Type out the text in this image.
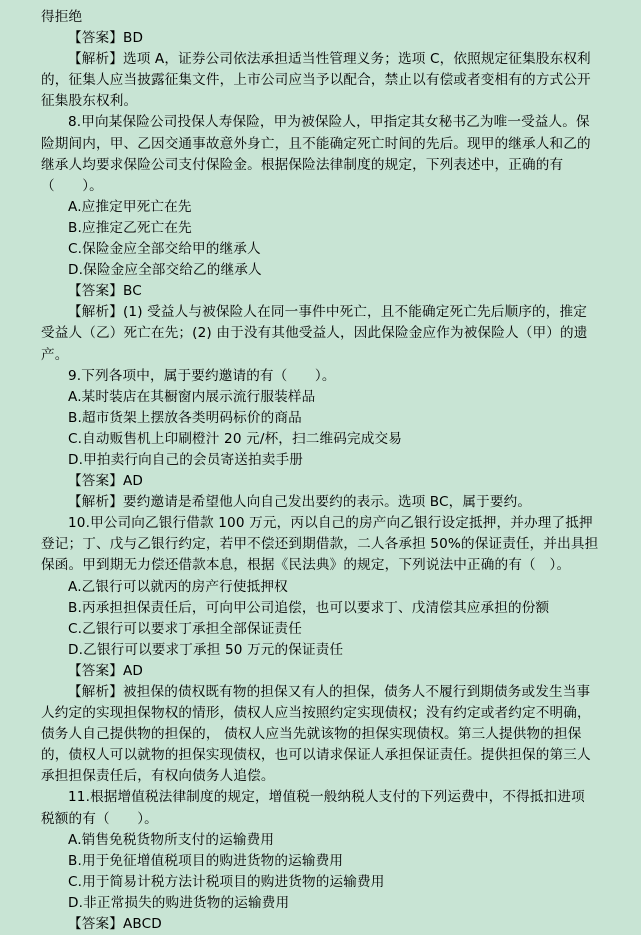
得拒绝
【答案】BD
【解析】选项 A，证券公司依法承担适当性管理义务；选项 C，依照规定征集股东权利
的，征集人应当披露征集文件，上市公司应当予以配合，禁止以有偿或者变相有的方式公开
征集股东权利。
8.甲向某保险公司投保人寿保险，甲为被保险人，甲指定其女秘书乙为唯一受益人。保
险期间内，甲、乙因交通事故意外身亡，且不能确定死亡时间的先后。现甲的继承人和乙的
继承人均要求保险公司支付保险金。根据保险法律制度的规定，下列表述中，正确的有
（　　）。
A.应推定甲死亡在先
B.应推定乙死亡在先
C.保险金应全部交给甲的继承人
D.保险金应全部交给乙的继承人
【答案】BC
【解析】(1) 受益人与被保险人在同一事件中死亡，且不能确定死亡先后顺序的，推定
受益人（乙）死亡在先；(2) 由于没有其他受益人，因此保险金应作为被保险人（甲）的遗
产。
9.下列各项中，属于要约邀请的有（　　）。
A.某时装店在其橱窗内展示流行服装样品
B.超市货架上摆放各类明码标价的商品
C.自动贩售机上印刷橙汁 20 元/杯，扫二维码完成交易
D.甲拍卖行向自己的会员寄送拍卖手册
【答案】AD
【解析】要约邀请是希望他人向自己发出要约的表示。选项 BC，属于要约。
10.甲公司向乙银行借款 100 万元，丙以自己的房产向乙银行设定抵押，并办理了抵押
登记；丁、戊与乙银行约定，若甲不偿还到期借款，二人各承担 50%的保证责任，并出具担
保函。甲到期无力偿还借款本息，根据《民法典》的规定，下列说法中正确的有（　）。
A.乙银行可以就丙的房产行使抵押权
B.丙承担担保责任后，可向甲公司追偿，也可以要求丁、戊清偿其应承担的份额
C.乙银行可以要求丁承担全部保证责任
D.乙银行可以要求丁承担 50 万元的保证责任
【答案】AD
【解析】被担保的债权既有物的担保又有人的担保，债务人不履行到期债务或发生当事
人约定的实现担保物权的情形，债权人应当按照约定实现债权；没有约定或者约定不明确，
债务人自己提供物的担保的， 债权人应当先就该物的担保实现债权。第三人提供物的担保
的，债权人可以就物的担保实现债权，也可以请求保证人承担保证责任。提供担保的第三人
承担担保责任后，有权向债务人追偿。
11.根据增值税法律制度的规定，增值税一般纳税人支付的下列运费中，不得抵扣进项
税额的有（　　）。
A.销售免税货物所支付的运输费用
B.用于免征增值税项目的购进货物的运输费用
C.用于简易计税方法计税项目的购进货物的运输费用
D.非正常损失的购进货物的运输费用
【答案】ABCD
